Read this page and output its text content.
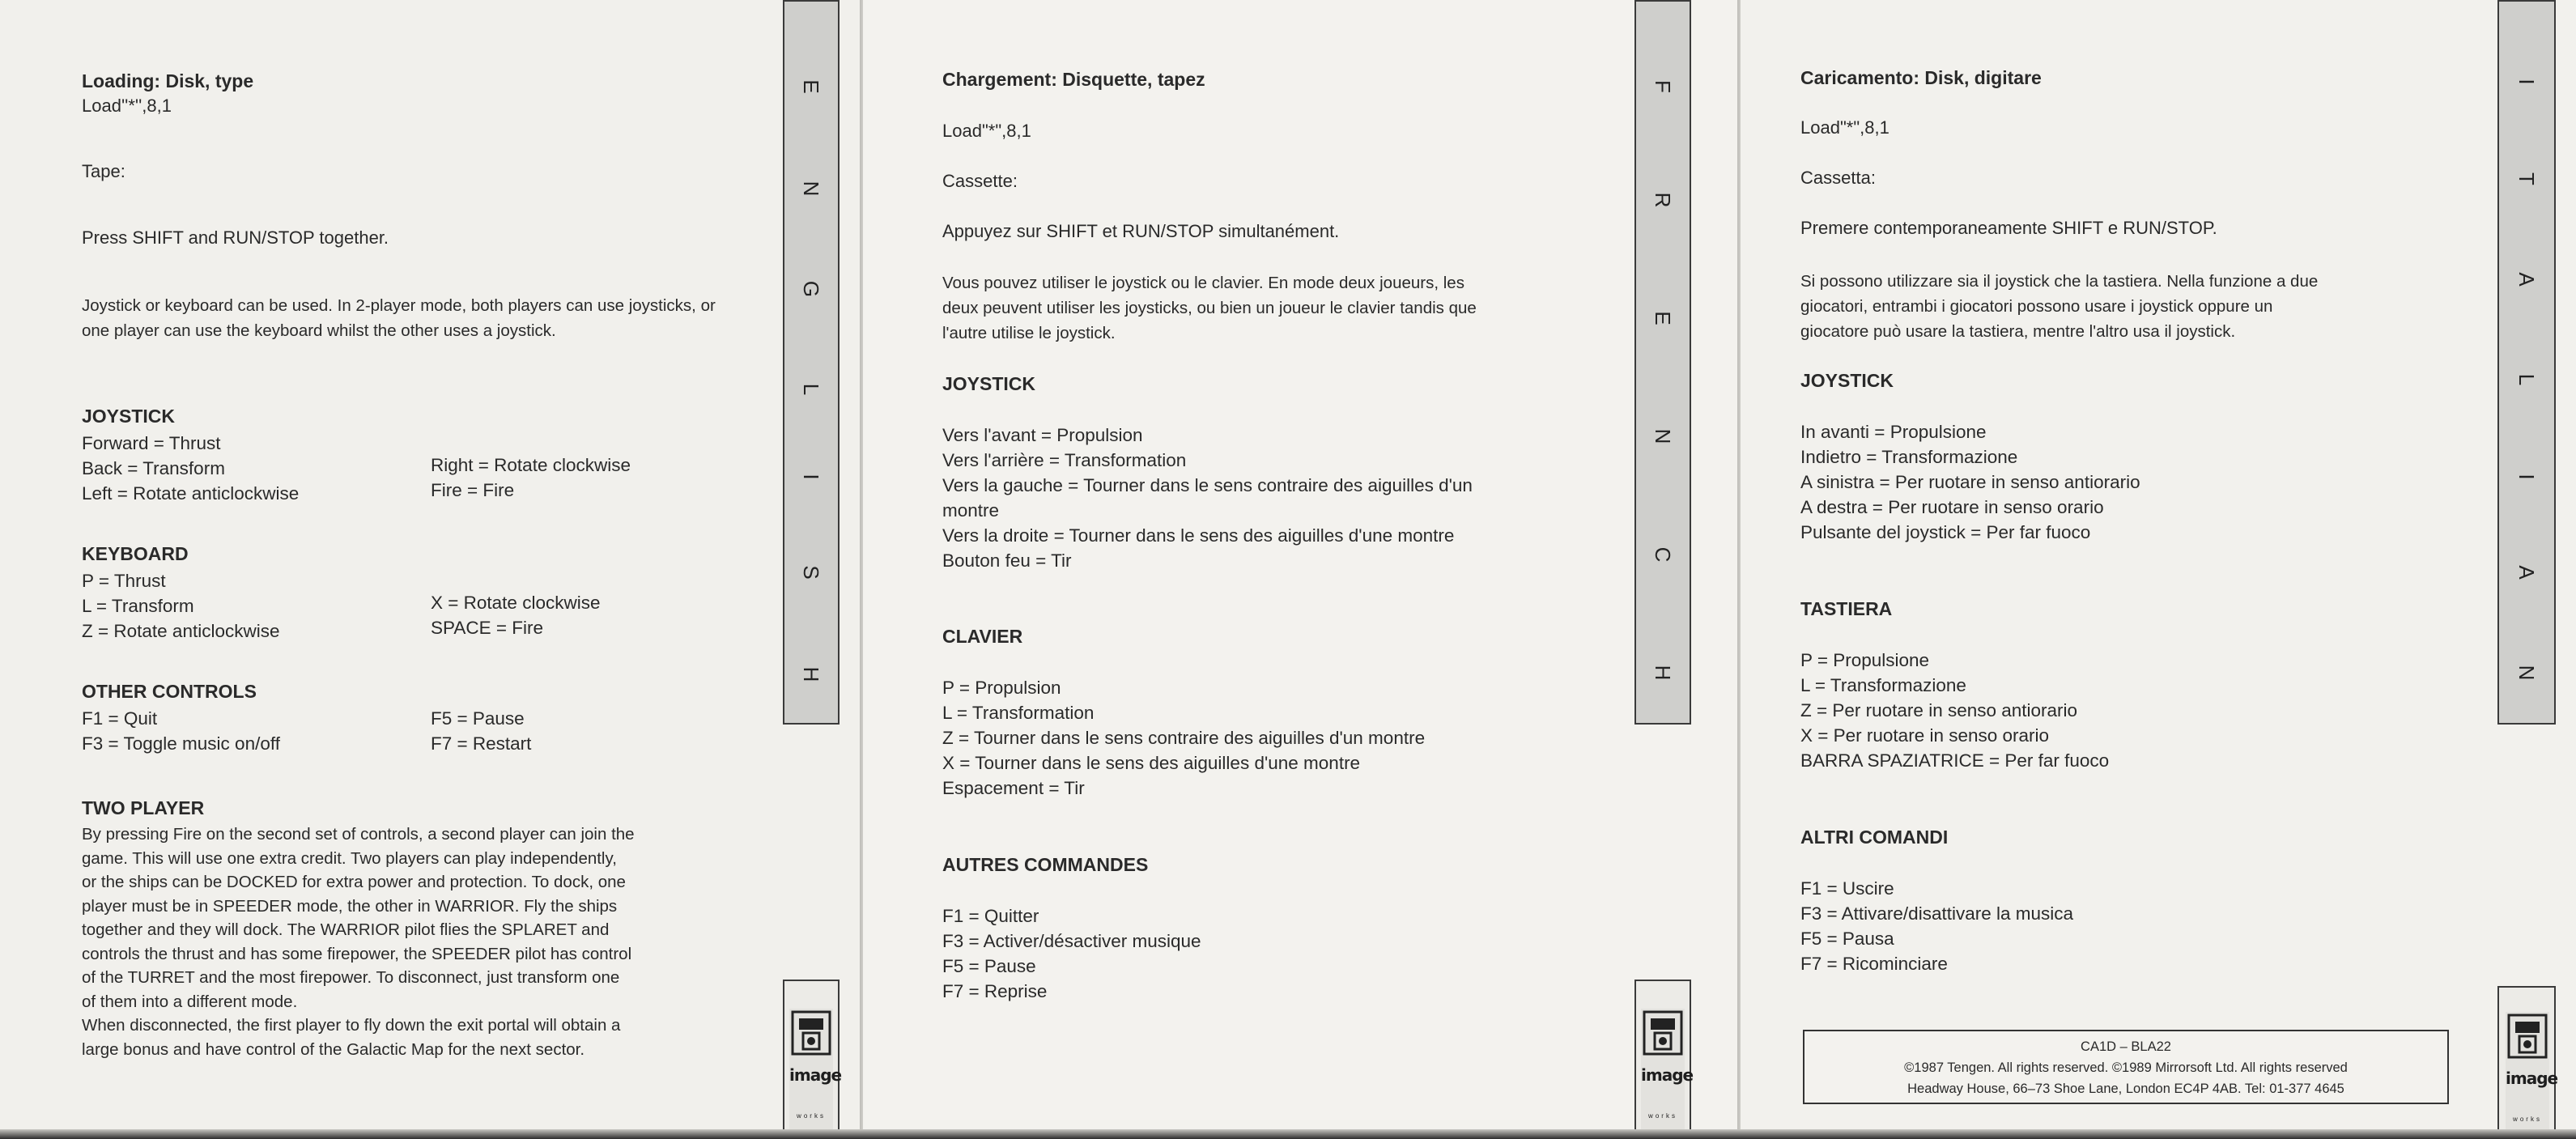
Loading: Disk, type
Load''*'',8,1
Tape:
Press SHIFT and RUN/STOP together.
Joystick or keyboard can be used. In 2-player mode, both players can use joysticks, or one player can use the keyboard whilst the other uses a joystick.
JOYSTICK
Forward = Thrust
Back = Transform
Left = Rotate anticlockwise
Right = Rotate clockwise
Fire = Fire
KEYBOARD
P = Thrust
L = Transform
Z = Rotate anticlockwise
X = Rotate clockwise
SPACE = Fire
OTHER CONTROLS
F1 = Quit
F3 = Toggle music on/off
F5 = Pause
F7 = Restart
TWO PLAYER
By pressing Fire on the second set of controls, a second player can join the
game. This will use one extra credit. Two players can play independently,
or the ships can be DOCKED for extra power and protection. To dock, one
player must be in SPEEDER mode, the other in WARRIOR. Fly the ships
together and they will dock. The WARRIOR pilot flies the SPLARET and
controls the thrust and has some firepower, the SPEEDER pilot has control
of the TURRET and the most firepower. To disconnect, just transform one
of them into a different mode.
When disconnected, the first player to fly down the exit portal will obtain a
large bonus and have control of the Galactic Map for the next sector.
E
N
G
L
I
S
H
image
works
Chargement: Disquette, tapez
Load"*",8,1
Cassette:
Appuyez sur SHIFT et RUN/STOP simultanément.
Vous pouvez utiliser le joystick ou le clavier. En mode deux joueurs, les
deux peuvent utiliser les joysticks, ou bien un joueur le clavier tandis que
l'autre utilise le joystick.
JOYSTICK
Vers l'avant = Propulsion
Vers l'arrière = Transformation
Vers la gauche = Tourner dans le sens contraire des aiguilles d'un
montre
Vers la droite = Tourner dans le sens des aiguilles d'une montre
Bouton feu = Tir
CLAVIER
P = Propulsion
L = Transformation
Z = Tourner dans le sens contraire des aiguilles d'un montre
X = Tourner dans le sens des aiguilles d'une montre
Espacement = Tir
AUTRES COMMANDES
F1 = Quitter
F3 = Activer/désactiver musique
F5 = Pause
F7 = Reprise
F
R
E
N
C
H
image
works
Caricamento: Disk, digitare
Load"*",8,1
Cassetta:
Premere contemporaneamente SHIFT e RUN/STOP.
Si possono utilizzare sia il joystick che la tastiera. Nella funzione a due
giocatori, entrambi i giocatori possono usare i joystick oppure un
giocatore può usare la tastiera, mentre l'altro usa il joystick.
JOYSTICK
In avanti = Propulsione
Indietro = Transformazione
A sinistra = Per ruotare in senso antiorario
A destra = Per ruotare in senso orario
Pulsante del joystick = Per far fuoco
TASTIERA
P = Propulsione
L = Transformazione
Z = Per ruotare in senso antiorario
X = Per ruotare in senso orario
BARRA SPAZIATRICE = Per far fuoco
ALTRI COMANDI
F1 = Uscire
F3 = Attivare/disattivare la musica
F5 = Pausa
F7 = Ricominciare
I
T
A
L
I
A
N
image
works
CA1D – BLA22
©1987 Tengen. All rights reserved. ©1989 Mirrorsoft Ltd. All rights reserved
Headway House, 66–73 Shoe Lane, London EC4P 4AB. Tel: 01-377 4645
